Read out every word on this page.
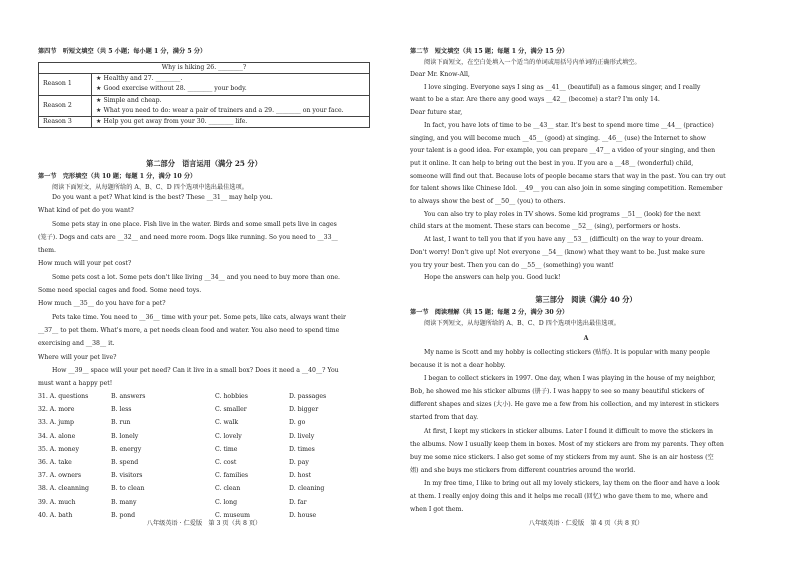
第四节　听短文填空（共 5 小题；每小题 1 分，满分 5 分）
Why is hiking 26. ________?	
Reason 1	★ Healthy and 27. ________.
★ Good exercise without 28. ________ your body.

Reason 2	★ Simple and cheap.
★ What you need to do: wear a pair of trainers and a 29. ________ on your face.

Reason 3	★ Help you get away from your 30. ________ life.
第二部分　语言运用（满分 25 分）
第一节　完形填空（共 10 题；每题 1 分，满分 10 分）
阅读下面短文，从每题所给的 A、B、C、D 四个选项中选出最佳选项。

Do you want a pet? What kind is the best? These __31__ may help you.

What kind of pet do you want?

Some pets stay in one place. Fish live in the water. Birds and some small pets live in cages

(笼子). Dogs and cats are __32__ and need more room. Dogs like running. So you need to __33__

them.

How much will your pet cost?

Some pets cost a lot. Some pets don't like living __34__ and you need to buy more than one.

Some need special cages and food. Some need toys.

How much __35__ do you have for a pet?

Pets take time. You need to __36__ time with your pet. Some pets, like cats, always want their

__37__ to pet them. What's more, a pet needs clean food and water. You also need to spend time

exercising and __38__ it.

Where will your pet live?

How __39__ space will your pet need? Can it live in a small box? Does it need a __40__? You

must want a happy pet!

31. A. questions	B. answers	C. hobbies	D. passages
32. A. more	B. less	C. smaller	D. bigger
33. A. jump	B. run	C. walk	D. go
34. A. alone	B. lonely	C. lovely	D. lively
35. A. money	B. energy	C. time	D. times
36. A. take	B. spend	C. cost	D. pay
37. A. owners	B. visitors	C. families	D. host
38. A. cleanning	B. to clean	C. clean	D. cleaning
39. A. much	B. many	C. long	D. far
40. A. bath	B. pond	C. museum	D. house
八年级英语 · 仁爱版　第 3 页（共 8 页）
第二节　短文填空（共 15 题；每题 1 分，满分 15 分）
阅读下面短文，在空白处填入一个适当的单词或用括号内单词的正确形式填空。

Dear Mr. Know-All,

I love singing. Everyone says I sing as __41__ (beautiful) as a famous singer, and I really

want to be a star. Are there any good ways __42__ (become) a star? I'm only 14.

Dear future star,

In fact, you have lots of time to be __43__ star. It's best to spend more time __44__ (practice)

singing, and you will become much __45__ (good) at singing. __46__ (use) the Internet to show

your talent is a good idea. For example, you can prepare __47__ a video of your singing, and then

put it online. It can help to bring out the best in you. If you are a __48__ (wonderful) child,

someone will find out that. Because lots of people became stars that way in the past. You can try out

for talent shows like Chinese Idol. __49__ you can also join in some singing competition. Remember

to always show the best of __50__ (you) to others.

You can also try to play roles in TV shows. Some kid programs __51__ (look) for the next

child stars at the moment. These stars can become __52__ (sing), performers or hosts.

At last, I want to tell you that if you have any __53__ (difficult) on the way to your dream.

Don't worry! Don't give up! Not everyone __54__ (know) what they want to be. Just make sure

you try your best. Then you can do __55__ (something) you want!

Hope the answers can help you. Good luck!

第三部分　阅读（满分 40 分）
第一节　阅读理解（共 15 题；每题 2 分，满分 30 分）
阅读下列短文，从每题所给的 A、B、C、D 四个选项中选出最佳选项。
A

My name is Scott and my hobby is collecting stickers (贴纸). It is popular with many people

because it is not a dear hobby.

I began to collect stickers in 1997. One day, when I was playing in the house of my neighbor,

Bob, he showed me his sticker albums (册子). I was happy to see so many beautiful stickers of

different shapes and sizes (大小). He gave me a few from his collection, and my interest in stickers

started from that day.

At first, I kept my stickers in sticker albums. Later I found it difficult to move the stickers in

the albums. Now I usually keep them in boxes. Most of my stickers are from my parents. They often

buy me some nice stickers. I also get some of my stickers from my aunt. She is an air hostess (空

姐) and she buys me stickers from different countries around the world.

In my free time, I like to bring out all my lovely stickers, lay them on the floor and have a look

at them. I really enjoy doing this and it helps me recall (回忆) who gave them to me, where and

when I got them.

八年级英语 · 仁爱版　第 4 页（共 8 页）
